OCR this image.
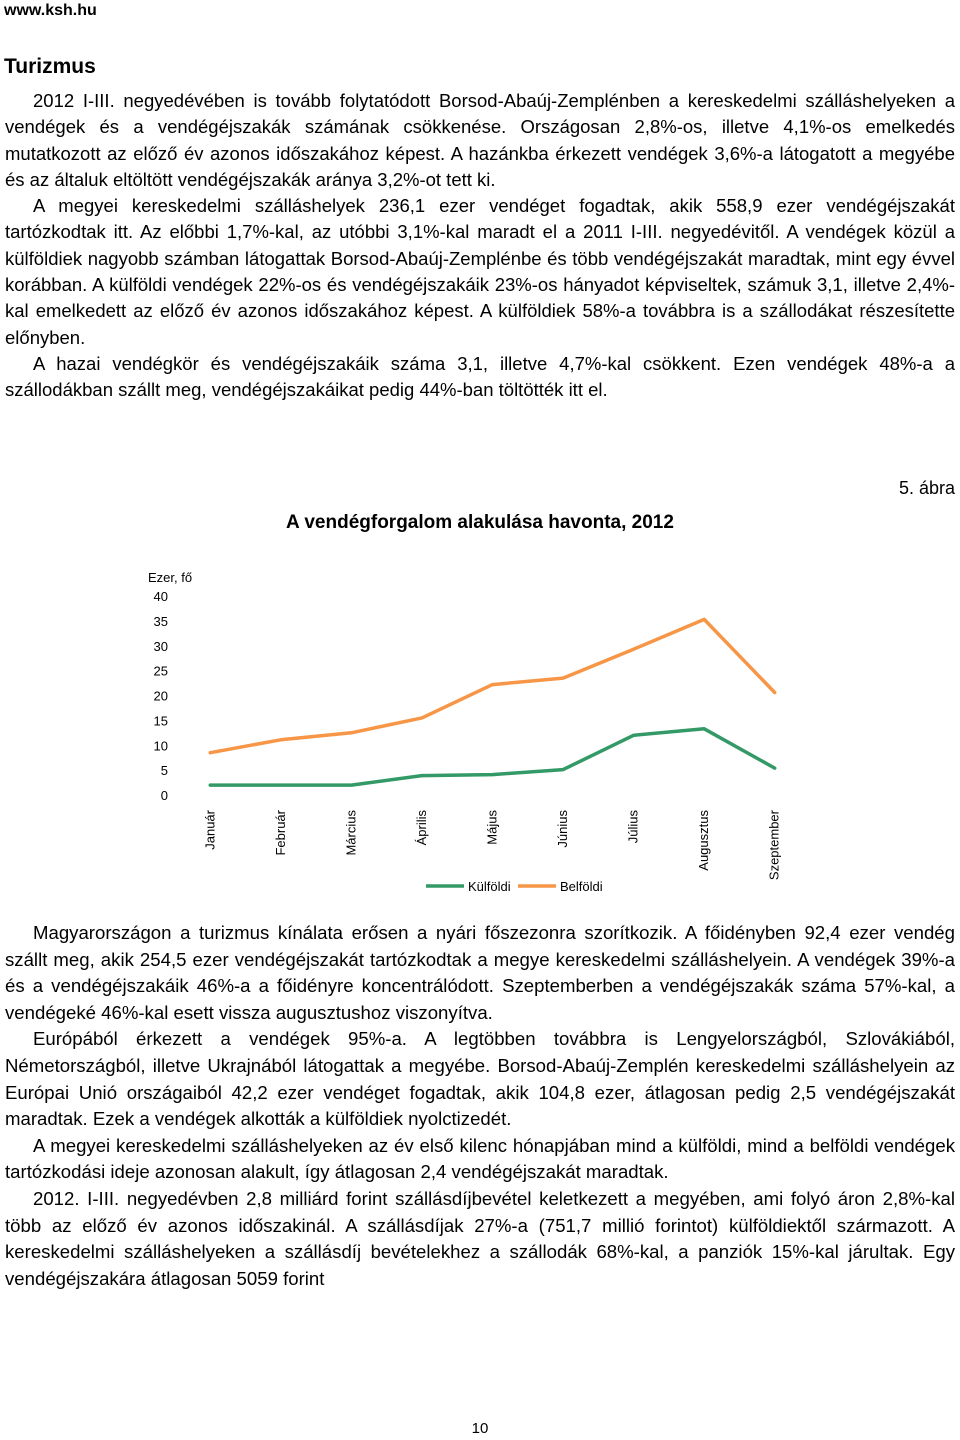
www.ksh.hu
Turizmus

2012 I-III. negyedévében is tovább folytatódott Borsod-Abaúj-Zemplénben a kereskedelmi szálláshelyeken a vendégek és a vendégéjszakák számának csökkenése. Országosan 2,8%-os, illetve 4,1%-os emelkedés mutatkozott az előző év azonos időszakához képest. A hazánkba érkezett vendégek 3,6%-a látogatott a megyébe és az általuk eltöltött vendégéjszakák aránya 3,2%-ot tett ki.

A megyei kereskedelmi szálláshelyek 236,1 ezer vendéget fogadtak, akik 558,9 ezer vendégéjszakát tartózkodtak itt. Az előbbi 1,7%-kal, az utóbbi 3,1%-kal maradt el a 2011 I-III. negyedévitől. A vendégek közül a külföldiek nagyobb számban látogattak Borsod-Abaúj-Zemplénbe és több vendégéjszakát maradtak, mint egy évvel korábban. A külföldi vendégek 22%-os és vendégéjszakáik 23%-os hányadot képviseltek, számuk 3,1, illetve 2,4%-kal emelkedett az előző év azonos időszakához képest. A külföldiek 58%-a továbbra is a szállodákat részesítette előnyben.

A hazai vendégkör és vendégéjszakáik száma 3,1, illetve 4,7%-kal csökkent. Ezen vendégek 48%-a a szállodákban szállt meg, vendégéjszakáikat pedig 44%-ban töltötték itt el.

5. ábra
A vendégforgalom alakulása havonta, 2012
Ezer, fő
0
5
10
15
20
25
30
35
40
Január	Február	Március	Április	Május	Június	Július	Augusztus	Szeptember
Külföldi	Belföldi

Magyarországon a turizmus kínálata erősen a nyári főszezonra szorítkozik. A főidényben 92,4 ezer vendég szállt meg, akik 254,5 ezer vendégéjszakát tartózkodtak a megye kereskedelmi szálláshelyein. A vendégek 39%-a és a vendégéjszakáik 46%-a a főidényre koncentrálódott. Szeptemberben a vendégéjszakák száma 57%-kal, a vendégeké 46%-kal esett vissza augusztushoz viszonyítva.

Európából érkezett a vendégek 95%-a. A legtöbben továbbra is Lengyelországból, Szlovákiából, Németországból, illetve Ukrajnából látogattak a megyébe. Borsod-Abaúj-Zemplén kereskedelmi szálláshelyein az Európai Unió országaiból 42,2 ezer vendéget fogadtak, akik 104,8 ezer, átlagosan pedig 2,5 vendégéjszakát maradtak. Ezek a vendégek alkották a külföldiek nyolctizedét.

A megyei kereskedelmi szálláshelyeken az év első kilenc hónapjában mind a külföldi, mind a belföldi vendégek tartózkodási ideje azonosan alakult, így átlagosan 2,4 vendégéjszakát maradtak.

2012. I-III. negyedévben 2,8 milliárd forint szállásdíjbevétel keletkezett a megyében, ami folyó áron 2,8%-kal több az előző év azonos időszakinál. A szállásdíjak 27%-a (751,7 millió forintot) külföldiektől származott. A kereskedelmi szálláshelyeken a szállásdíj bevételekhez a szállodák 68%-kal, a panziók 15%-kal járultak. Egy vendégéjszakára átlagosan 5059 forint

10
